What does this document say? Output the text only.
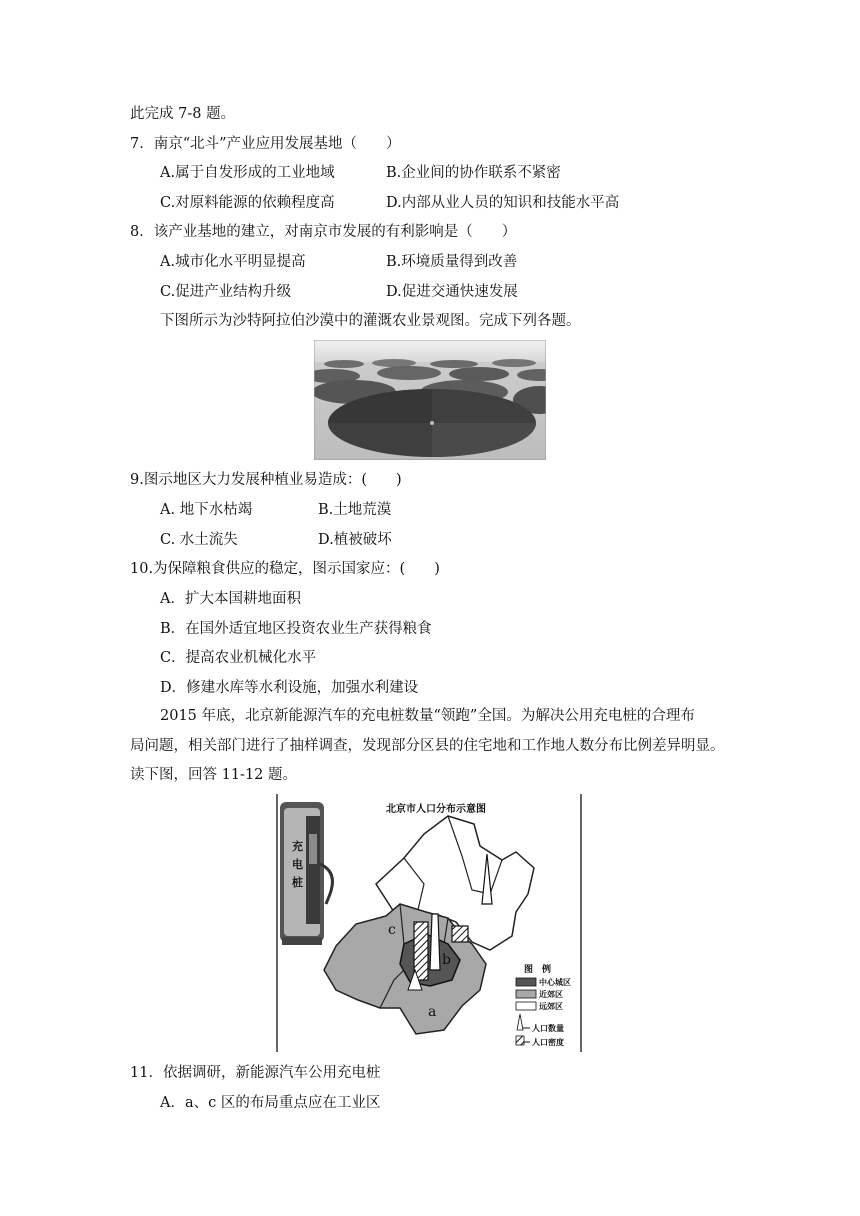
此完成 7-8 题。
7．南京“北斗”产业应用发展基地（　　）
A.属于自发形成的工业地域	B.企业间的协作联系不紧密
C.对原料能源的依赖程度高	D.内部从业人员的知识和技能水平高
8．该产业基地的建立，对南京市发展的有利影响是（　　）
A.城市化水平明显提高	B.环境质量得到改善
C.促进产业结构升级	D.促进交通快速发展
下图所示为沙特阿拉伯沙漠中的灌溉农业景观图。完成下列各题。
9.图示地区大力发展种植业易造成：(　　)
A. 地下水枯竭	B.土地荒漠
C. 水土流失	D.植被破坏
10.为保障粮食供应的稳定，图示国家应：(　　)
A．扩大本国耕地面积
B．在国外适宜地区投资农业生产获得粮食
C．提高农业机械化水平
D．修建水库等水利设施，加强水利建设
2015 年底，北京新能源汽车的充电桩数量“领跑”全国。为解决公用充电桩的合理布
局问题，相关部门进行了抽样调查，发现部分区县的住宅地和工作地人数分布比例差异明显。
读下图，回答 11-12 题。
北京市人口分布示意图
充
电
桩
c
b
a
图　例
中心城区
近郊区
远郊区
人口数量
人口密度
11．依据调研，新能源汽车公用充电桩
A．a、c 区的布局重点应在工业区
